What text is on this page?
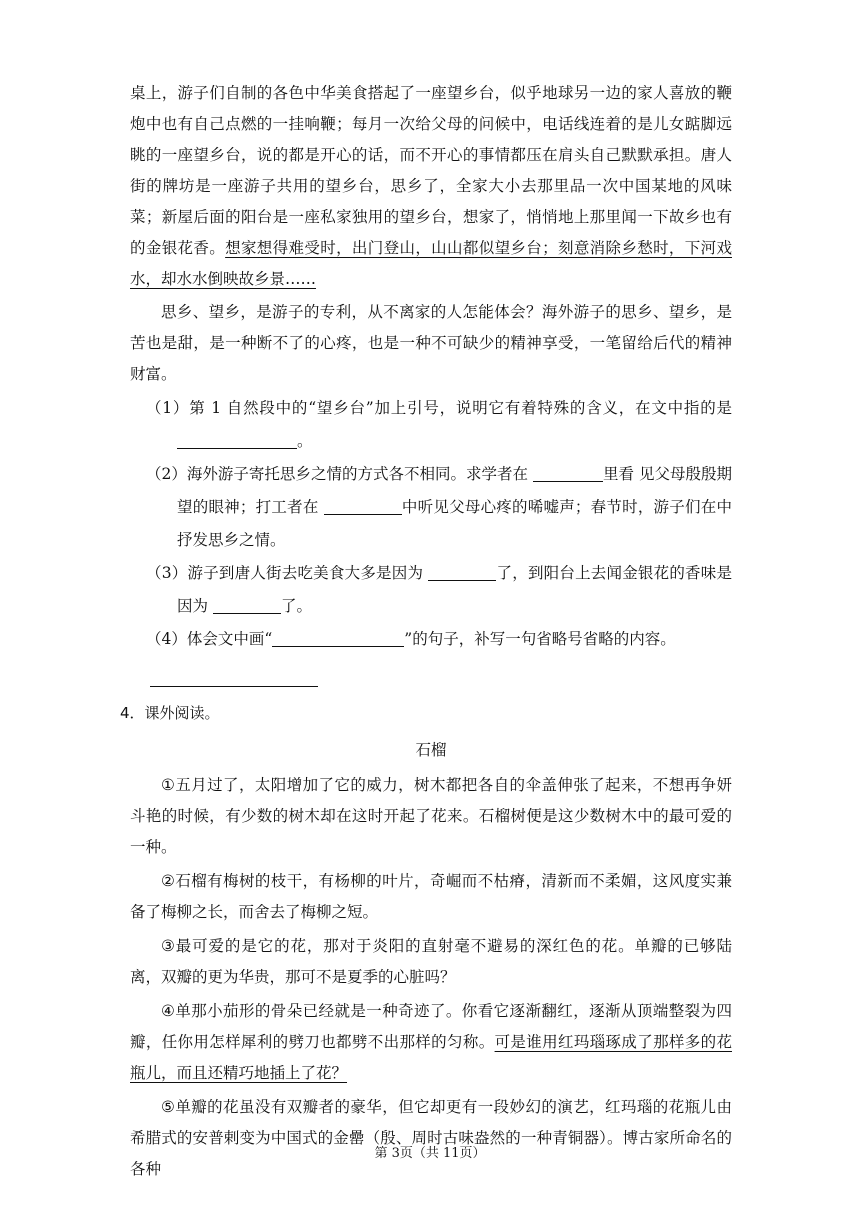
桌上，游子们自制的各色中华美食搭起了一座望乡台，似乎地球另一边的家人喜放的鞭炮中也有自己点燃的一挂响鞭；每月一次给父母的问候中，电话线连着的是儿女踮脚远眺的一座望乡台，说的都是开心的话，而不开心的事情都压在肩头自己默默承担。唐人街的牌坊是一座游子共用的望乡台，思乡了，全家大小去那里品一次中国某地的风味菜；新屋后面的阳台是一座私家独用的望乡台，想家了，悄悄地上那里闻一下故乡也有的金银花香。想家想得难受时，出门登山，山山都似望乡台；刻意消除乡愁时，下河戏水，却水水倒映故乡景……

思乡、望乡，是游子的专利，从不离家的人怎能体会？海外游子的思乡、望乡，是苦也是甜，是一种断不了的心疼，也是一种不可缺少的精神享受，一笔留给后代的精神财富。

（1）第 1 自然段中的“望乡台”加上引号，说明它有着特殊的含义，在文中指的是 。

（2）海外游子寄托思乡之情的方式各不相同。求学者在	里看 见父母殷殷期望的眼神；打工者在	中听见父母心疼的唏嘘声；春节时，游子们在中抒发思乡之情。

（3）游子到唐人街去吃美食大多是因为	了，到阳台上去闻金银花的香味是因为	了。

（4）体会文中画“	”的句子，补写一句省略号省略的内容。

4．课外阅读。

石榴

①五月过了，太阳增加了它的威力，树木都把各自的伞盖伸张了起来，不想再争妍斗艳的时候，有少数的树木却在这时开起了花来。石榴树便是这少数树木中的最可爱的一种。

②石榴有梅树的枝干，有杨柳的叶片，奇崛而不枯瘠，清新而不柔媚，这风度实兼备了梅柳之长，而舍去了梅柳之短。

③最可爱的是它的花，那对于炎阳的直射毫不避易的深红色的花。单瓣的已够陆离，双瓣的更为华贵，那可不是夏季的心脏吗？

④单那小茄形的骨朵已经就是一种奇迹了。你看它逐渐翻红，逐渐从顶端整裂为四瓣，任你用怎样犀利的劈刀也都劈不出那样的匀称。可是谁用红玛瑙琢成了那样多的花瓶儿，而且还精巧地插上了花？

⑤单瓣的花虽没有双瓣者的豪华，但它却更有一段妙幻的演艺，红玛瑙的花瓶儿由希腊式的安普剌变为中国式的金罍（殷、周时古味盎然的一种青铜器）。博古家所命名的各种

第 3页（共 11页）
